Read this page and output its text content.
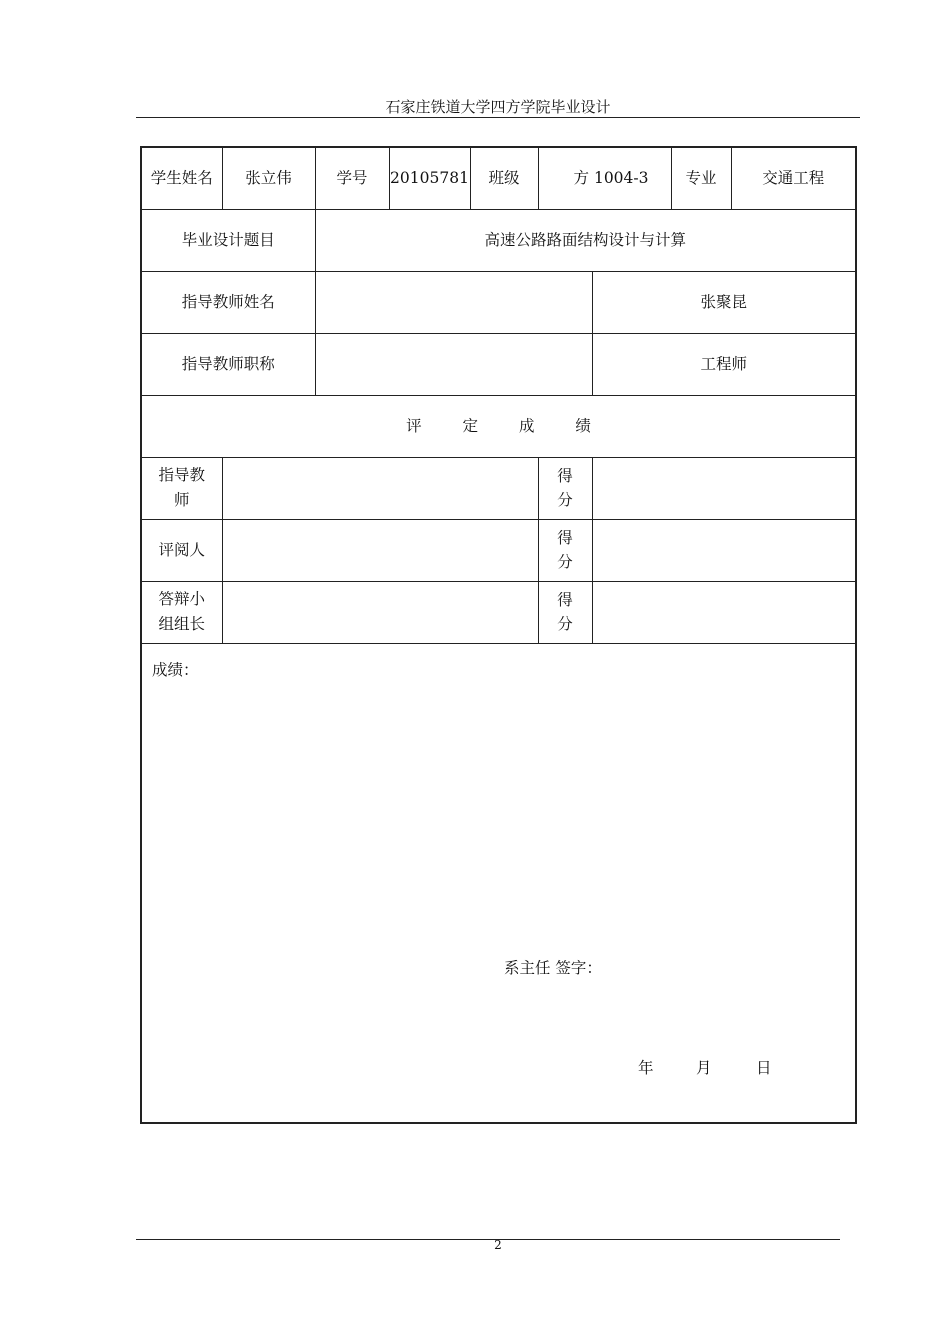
石家庄铁道大学四方学院毕业设计
学生姓名	张立伟	学号	20105781	班级	方 1004-3		专业	交通工程
毕业设计题目		高速公路路面结构设计与计算						
指导教师姓名						张聚昆		
指导教师职称						工程师		
评 定 成 绩								
指导教师					得分			
评阅人					得分			
答辩小组组长					得分			

成绩：
系主任 签字：
年 月 日								
2
